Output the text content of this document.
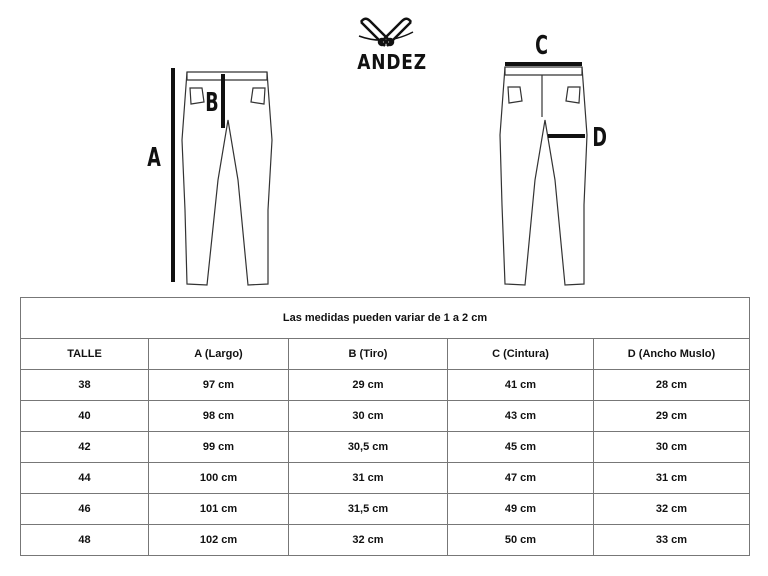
ANDEZ
A
B
C
D
Las medidas pueden variar de 1 a 2 cm				
TALLE	A (Largo)	B (Tiro)	C (Cintura)	D (Ancho Muslo)
38	97 cm	29 cm	41 cm	28 cm
40	98 cm	30 cm	43 cm	29 cm
42	99 cm	30,5 cm	45 cm	30 cm
44	100 cm	31 cm	47 cm	31 cm
46	101 cm	31,5 cm	49 cm	32 cm
48	102 cm	32 cm	50 cm	33 cm
